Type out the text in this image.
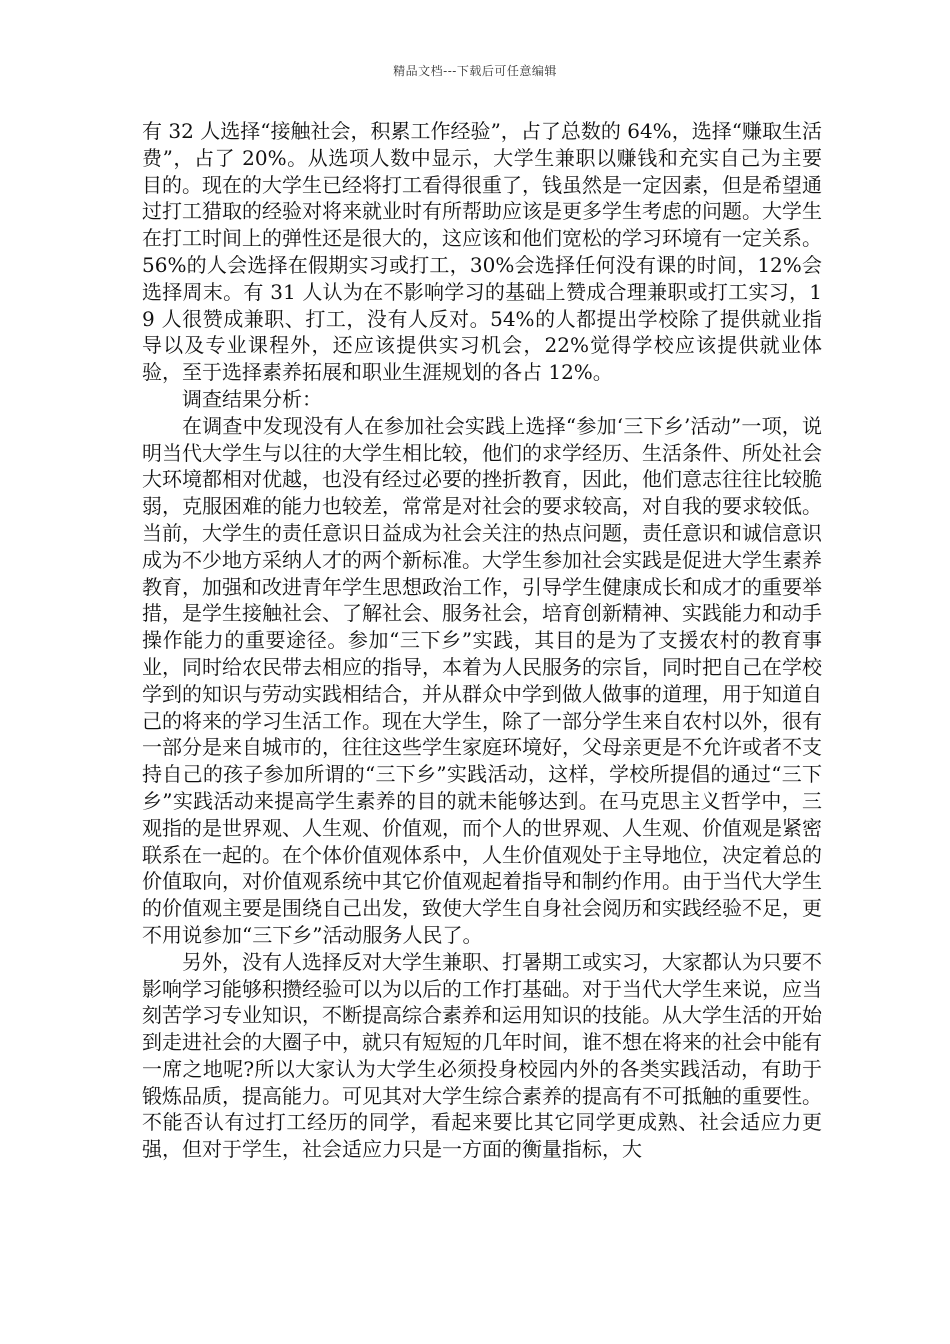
精品文档---下载后可任意编辑

有 32 人选择“接触社会，积累工作经验”，占了总数的 64%，选择“赚取生活费”，占了 20%。从选项人数中显示，大学生兼职以赚钱和充实自己为主要目的。现在的大学生已经将打工看得很重了，钱虽然是一定因素，但是希望通过打工猎取的经验对将来就业时有所帮助应该是更多学生考虑的问题。大学生在打工时间上的弹性还是很大的，这应该和他们宽松的学习环境有一定关系。56%的人会选择在假期实习或打工，30%会选择任何没有课的时间，12%会选择周末。有 31 人认为在不影响学习的基础上赞成合理兼职或打工实习，19 人很赞成兼职、打工，没有人反对。54%的人都提出学校除了提供就业指导以及专业课程外，还应该提供实习机会，22%觉得学校应该提供就业体验，至于选择素养拓展和职业生涯规划的各占 12%。

调查结果分析：

在调查中发现没有人在参加社会实践上选择“参加‘三下乡’活动”一项，说明当代大学生与以往的大学生相比较，他们的求学经历、生活条件、所处社会大环境都相对优越，也没有经过必要的挫折教育，因此，他们意志往往比较脆弱，克服困难的能力也较差，常常是对社会的要求较高，对自我的要求较低。当前，大学生的责任意识日益成为社会关注的热点问题，责任意识和诚信意识成为不少地方采纳人才的两个新标准。大学生参加社会实践是促进大学生素养教育，加强和改进青年学生思想政治工作，引导学生健康成长和成才的重要举措，是学生接触社会、了解社会、服务社会，培育创新精神、实践能力和动手操作能力的重要途径。参加“三下乡”实践，其目的是为了支援农村的教育事业，同时给农民带去相应的指导，本着为人民服务的宗旨，同时把自己在学校学到的知识与劳动实践相结合，并从群众中学到做人做事的道理，用于知道自己的将来的学习生活工作。现在大学生，除了一部分学生来自农村以外，很有一部分是来自城市的，往往这些学生家庭环境好，父母亲更是不允许或者不支持自己的孩子参加所谓的“三下乡”实践活动，这样，学校所提倡的通过“三下乡”实践活动来提高学生素养的目的就未能够达到。在马克思主义哲学中，三观指的是世界观、人生观、价值观，而个人的世界观、人生观、价值观是紧密联系在一起的。在个体价值观体系中，人生价值观处于主导地位，决定着总的价值取向，对价值观系统中其它价值观起着指导和制约作用。由于当代大学生的价值观主要是围绕自己出发，致使大学生自身社会阅历和实践经验不足，更不用说参加“三下乡”活动服务人民了。

另外，没有人选择反对大学生兼职、打暑期工或实习，大家都认为只要不影响学习能够积攒经验可以为以后的工作打基础。对于当代大学生来说，应当刻苦学习专业知识，不断提高综合素养和运用知识的技能。从大学生活的开始到走进社会的大圈子中，就只有短短的几年时间，谁不想在将来的社会中能有一席之地呢?所以大家认为大学生必须投身校园内外的各类实践活动，有助于锻炼品质，提高能力。可见其对大学生综合素养的提高有不可抵触的重要性。不能否认有过打工经历的同学，看起来要比其它同学更成熟、社会适应力更强，但对于学生，社会适应力只是一方面的衡量指标，大
